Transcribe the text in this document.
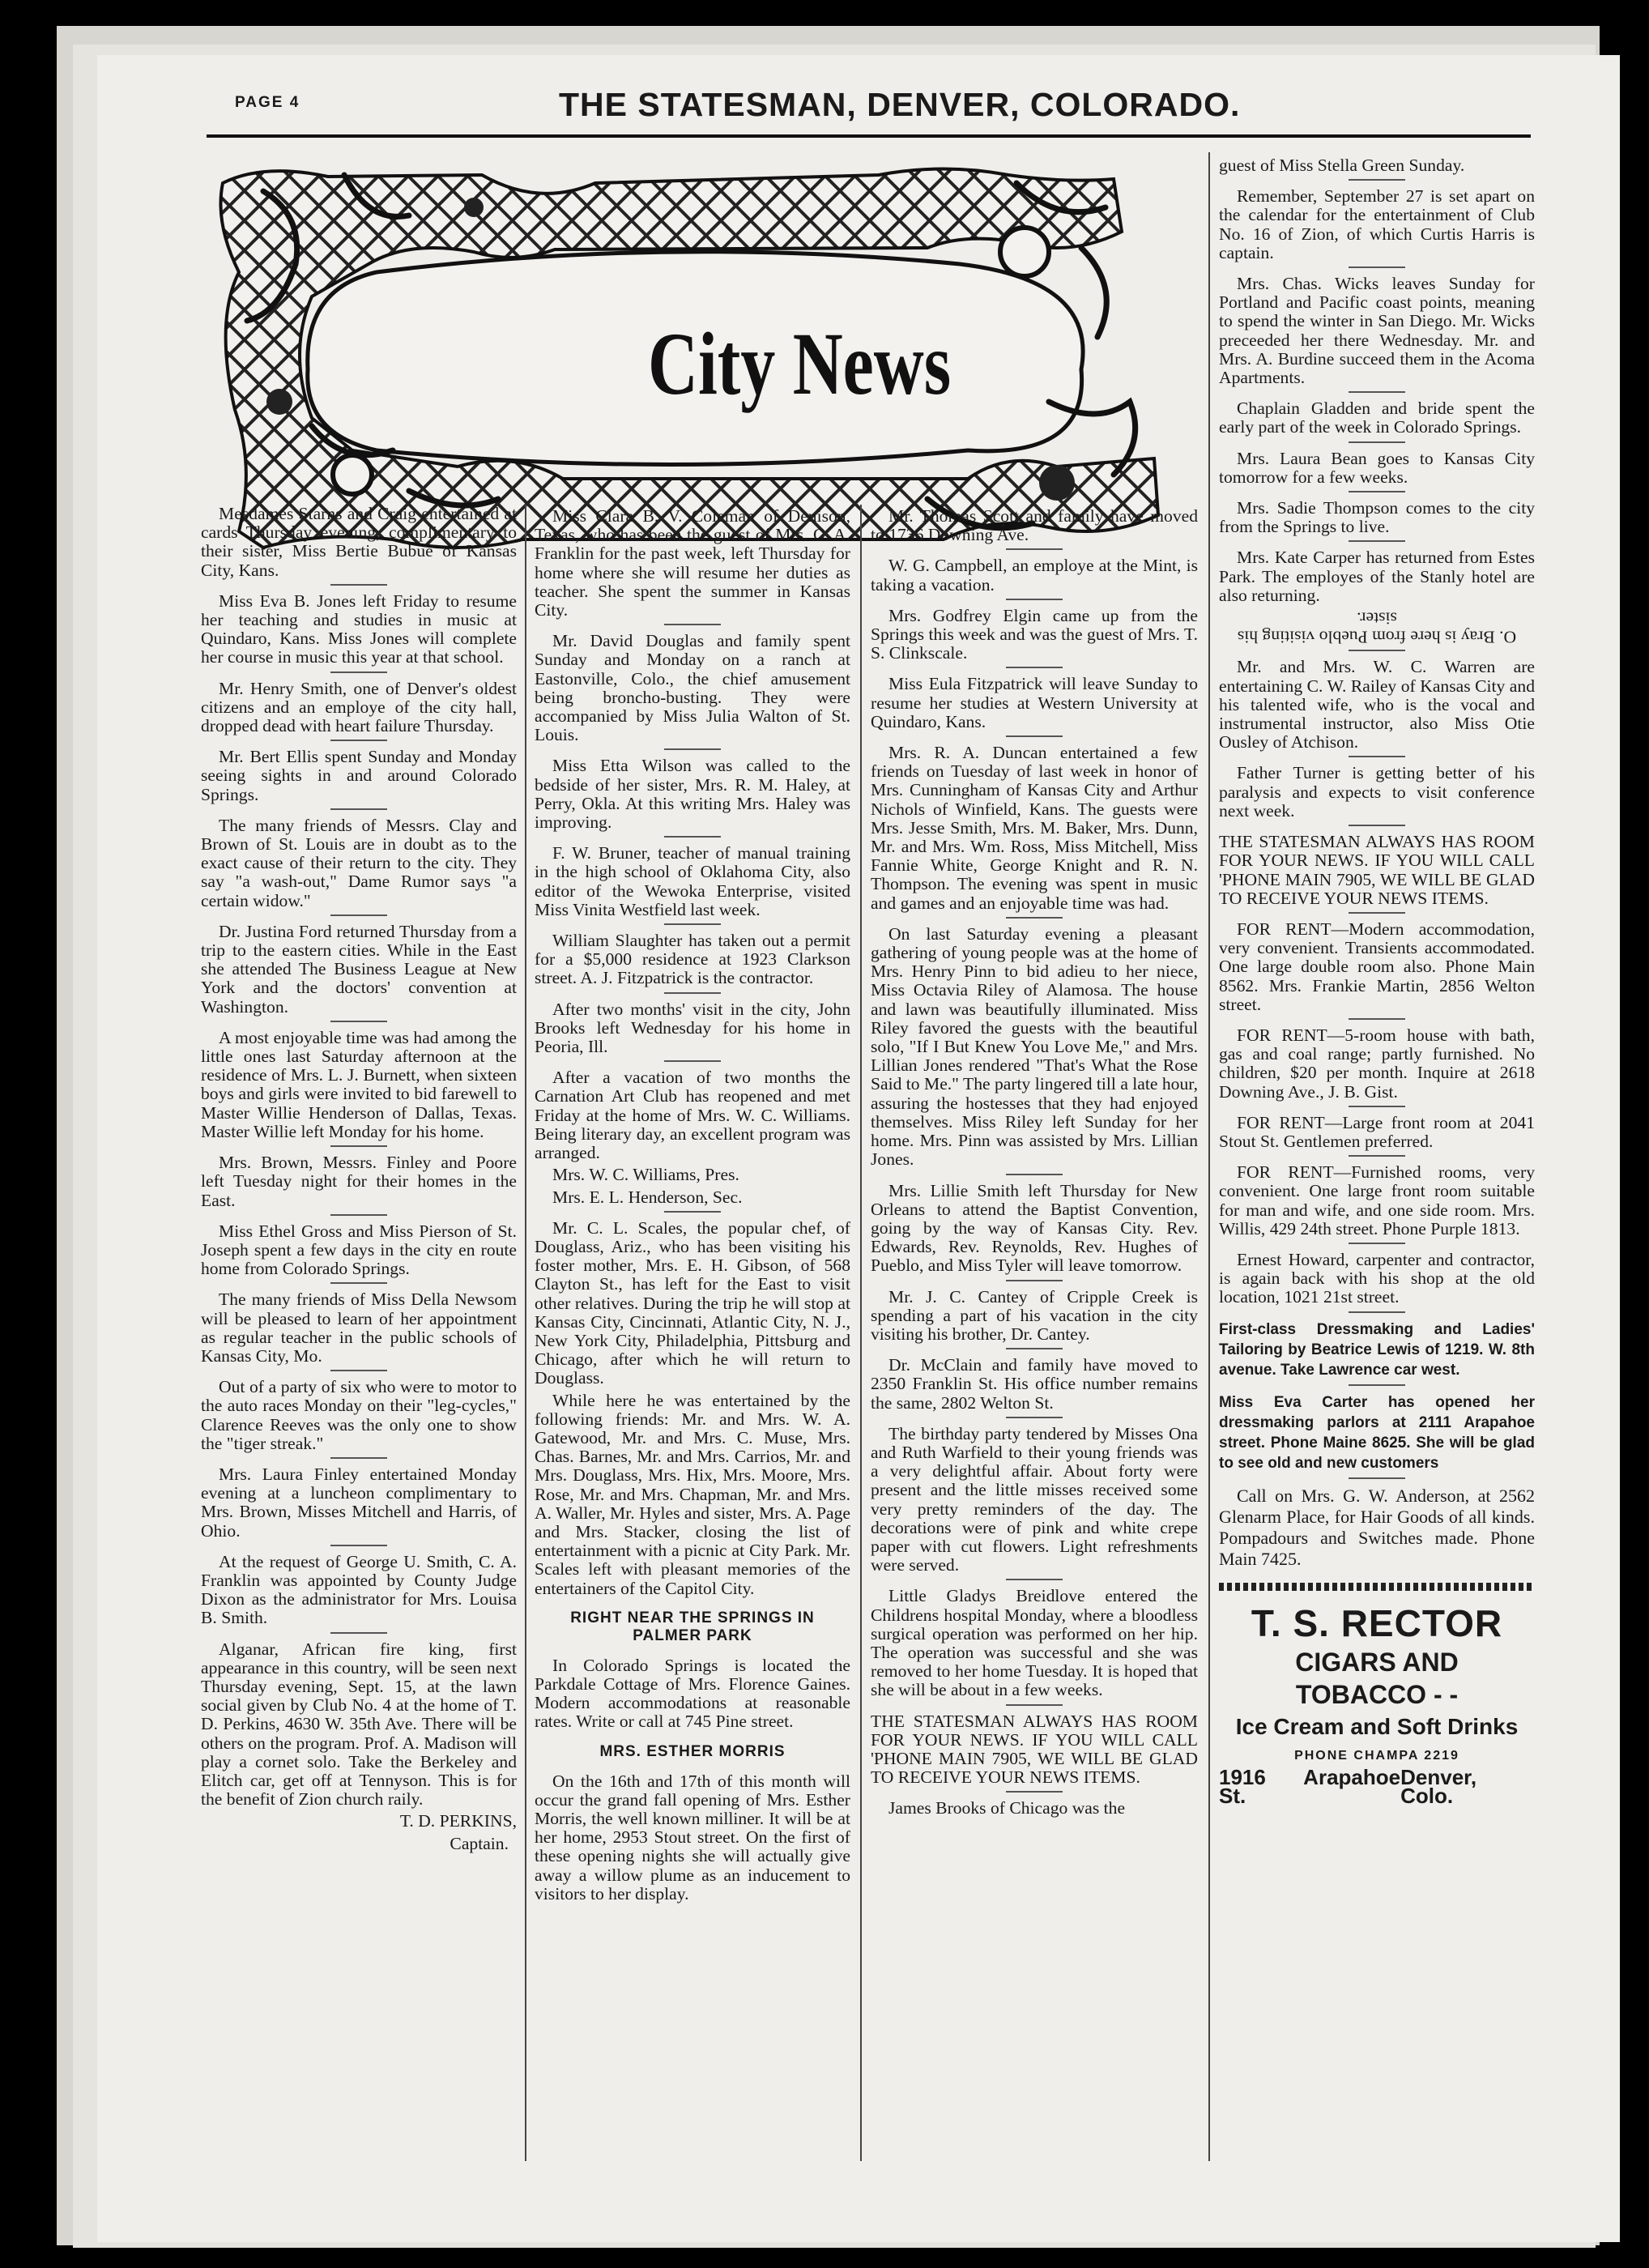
PAGE 4	THE STATESMAN, DENVER, COLORADO.
City News

Mesdames Starns and Craig entertained at cards Thursday evening, complimentary to their sister, Miss Bertie Bubue of Kansas City, Kans.

Miss Eva B. Jones left Friday to resume her teaching and studies in music at Quindaro, Kans. Miss Jones will complete her course in music this year at that school.

Mr. Henry Smith, one of Denver's oldest citizens and an employe of the city hall, dropped dead with heart failure Thursday.

Mr. Bert Ellis spent Sunday and Monday seeing sights in and around Colorado Springs.

The many friends of Messrs. Clay and Brown of St. Louis are in doubt as to the exact cause of their return to the city. They say "a wash-out," Dame Rumor says "a certain widow."

Dr. Justina Ford returned Thursday from a trip to the eastern cities. While in the East she attended The Business League at New York and the doctors' convention at Washington.

A most enjoyable time was had among the little ones last Saturday afternoon at the residence of Mrs. L. J. Burnett, when sixteen boys and girls were invited to bid farewell to Master Willie Henderson of Dallas, Texas. Master Willie left Monday for his home.

Mrs. Brown, Messrs. Finley and Poore left Tuesday night for their homes in the East.

Miss Ethel Gross and Miss Pierson of St. Joseph spent a few days in the city en route home from Colorado Springs.

The many friends of Miss Della Newsom will be pleased to learn of her appointment as regular teacher in the public schools of Kansas City, Mo.

Out of a party of six who were to motor to the auto races Monday on their "leg-cycles," Clarence Reeves was the only one to show the "tiger streak."

Mrs. Laura Finley entertained Monday evening at a luncheon complimentary to Mrs. Brown, Misses Mitchell and Harris, of Ohio.

At the request of George U. Smith, C. A. Franklin was appointed by County Judge Dixon as the administrator for Mrs. Louisa B. Smith.

Alganar, African fire king, first appearance in this country, will be seen next Thursday evening, Sept. 15, at the lawn social given by Club No. 4 at the home of T. D. Perkins, 4630 W. 35th Ave. There will be others on the program. Prof. A. Madison will play a cornet solo. Take the Berkeley and Elitch car, get off at Tennyson. This is for the benefit of Zion church raily.

T. D. PERKINS,

Captain.

Miss Clara B. V. Coleman of Denison, Texas, who has been the guest of Mrs. C. A. Franklin for the past week, left Thursday for home where she will resume her duties as teacher. She spent the summer in Kansas City.

Mr. David Douglas and family spent Sunday and Monday on a ranch at Eastonville, Colo., the chief amusement being broncho-busting. They were accompanied by Miss Julia Walton of St. Louis.

Miss Etta Wilson was called to the bedside of her sister, Mrs. R. M. Haley, at Perry, Okla. At this writing Mrs. Haley was improving.

F. W. Bruner, teacher of manual training in the high school of Oklahoma City, also editor of the Wewoka Enterprise, visited Miss Vinita Westfield last week.

William Slaughter has taken out a permit for a $5,000 residence at 1923 Clarkson street. A. J. Fitzpatrick is the contractor.

After two months' visit in the city, John Brooks left Wednesday for his home in Peoria, Ill.

After a vacation of two months the Carnation Art Club has reopened and met Friday at the home of Mrs. W. C. Williams. Being literary day, an excellent program was arranged.

Mrs. W. C. Williams, Pres.

Mrs. E. L. Henderson, Sec.

Mr. C. L. Scales, the popular chef, of Douglass, Ariz., who has been visiting his foster mother, Mrs. E. H. Gibson, of 568 Clayton St., has left for the East to visit other relatives. During the trip he will stop at Kansas City, Cincinnati, Atlantic City, N. J., New York City, Philadelphia, Pittsburg and Chicago, after which he will return to Douglass.

While here he was entertained by the following friends: Mr. and Mrs. W. A. Gatewood, Mr. and Mrs. C. Muse, Mrs. Chas. Barnes, Mr. and Mrs. Carrios, Mr. and Mrs. Douglass, Mrs. Hix, Mrs. Moore, Mrs. Rose, Mr. and Mrs. Chapman, Mr. and Mrs. A. Waller, Mr. Hyles and sister, Mrs. A. Page and Mrs. Stacker, closing the list of entertainment with a picnic at City Park. Mr. Scales left with pleasant memories of the entertainers of the Capitol City.

RIGHT NEAR THE SPRINGS IN PALMER PARK

In Colorado Springs is located the Parkdale Cottage of Mrs. Florence Gaines. Modern accommodations at reasonable rates. Write or call at 745 Pine street.

MRS. ESTHER MORRIS

On the 16th and 17th of this month will occur the grand fall opening of Mrs. Esther Morris, the well known milliner. It will be at her home, 2953 Stout street. On the first of these opening nights she will actually give away a willow plume as an inducement to visitors to her display.

Mr. Thomas Scott and family have moved to 1736 Downing Ave.

W. G. Campbell, an employe at the Mint, is taking a vacation.

Mrs. Godfrey Elgin came up from the Springs this week and was the guest of Mrs. T. S. Clinkscale.

Miss Eula Fitzpatrick will leave Sunday to resume her studies at Western University at Quindaro, Kans.

Mrs. R. A. Duncan entertained a few friends on Tuesday of last week in honor of Mrs. Cunningham of Kansas City and Arthur Nichols of Winfield, Kans. The guests were Mrs. Jesse Smith, Mrs. M. Baker, Mrs. Dunn, Mr. and Mrs. Wm. Ross, Miss Mitchell, Miss Fannie White, George Knight and R. N. Thompson. The evening was spent in music and games and an enjoyable time was had.

On last Saturday evening a pleasant gathering of young people was at the home of Mrs. Henry Pinn to bid adieu to her niece, Miss Octavia Riley of Alamosa. The house and lawn was beautifully illuminated. Miss Riley favored the guests with the beautiful solo, "If I But Knew You Love Me," and Mrs. Lillian Jones rendered "That's What the Rose Said to Me." The party lingered till a late hour, assuring the hostesses that they had enjoyed themselves. Miss Riley left Sunday for her home. Mrs. Pinn was assisted by Mrs. Lillian Jones.

Mrs. Lillie Smith left Thursday for New Orleans to attend the Baptist Convention, going by the way of Kansas City. Rev. Edwards, Rev. Reynolds, Rev. Hughes of Pueblo, and Miss Tyler will leave tomorrow.

Mr. J. C. Cantey of Cripple Creek is spending a part of his vacation in the city visiting his brother, Dr. Cantey.

Dr. McClain and family have moved to 2350 Franklin St. His office number remains the same, 2802 Welton St.

The birthday party tendered by Misses Ona and Ruth Warfield to their young friends was a very delightful affair. About forty were present and the little misses received some very pretty reminders of the day. The decorations were of pink and white crepe paper with cut flowers. Light refreshments were served.

Little Gladys Breidlove entered the Childrens hospital Monday, where a bloodless surgical operation was performed on her hip. The operation was successful and she was removed to her home Tuesday. It is hoped that she will be about in a few weeks.

THE STATESMAN ALWAYS HAS ROOM FOR YOUR NEWS. IF YOU WILL CALL 'PHONE MAIN 7905, WE WILL BE GLAD TO RECEIVE YOUR NEWS ITEMS.

James Brooks of Chicago was the

guest of Miss Stella Green Sunday.

Remember, September 27 is set apart on the calendar for the entertainment of Club No. 16 of Zion, of which Curtis Harris is captain.

Mrs. Chas. Wicks leaves Sunday for Portland and Pacific coast points, meaning to spend the winter in San Diego. Mr. Wicks preceeded her there Wednesday. Mr. and Mrs. A. Burdine succeed them in the Acoma Apartments.

Chaplain Gladden and bride spent the early part of the week in Colorado Springs.

Mrs. Laura Bean goes to Kansas City tomorrow for a few weeks.

Mrs. Sadie Thompson comes to the city from the Springs to live.

Mrs. Kate Carper has returned from Estes Park. The employes of the Stanly hotel are also returning.

O. Bray is here from Pueblo visiting his sister.

Mr. and Mrs. W. C. Warren are entertaining C. W. Railey of Kansas City and his talented wife, who is the vocal and instrumental instructor, also Miss Otie Ousley of Atchison.

Father Turner is getting better of his paralysis and expects to visit conference next week.

THE STATESMAN ALWAYS HAS ROOM FOR YOUR NEWS. IF YOU WILL CALL 'PHONE MAIN 7905, WE WILL BE GLAD TO RECEIVE YOUR NEWS ITEMS.

FOR RENT—Modern accommodation, very convenient. Transients accommodated. One large double room also. Phone Main 8562. Mrs. Frankie Martin, 2856 Welton street.

FOR RENT—5-room house with bath, gas and coal range; partly furnished. No children, $20 per month. Inquire at 2618 Downing Ave., J. B. Gist.

FOR RENT—Large front room at 2041 Stout St. Gentlemen preferred.

FOR RENT—Furnished rooms, very convenient. One large front room suitable for man and wife, and one side room. Mrs. Willis, 429 24th street. Phone Purple 1813.

Ernest Howard, carpenter and contractor, is again back with his shop at the old location, 1021 21st street.

First-class Dressmaking and Ladies' Tailoring by Beatrice Lewis of 1219. W. 8th avenue. Take Lawrence car west.

Miss Eva Carter has opened her dressmaking parlors at 2111 Arapahoe street. Phone Maine 8625. She will be glad to see old and new customers

Call on Mrs. G. W. Anderson, at 2562 Glenarm Place, for Hair Goods of all kinds. Pompadours and Switches made. Phone Main 7425.

T. S. RECTOR
CIGARS AND
TOBACCO - -
Ice Cream and Soft Drinks
PHONE CHAMPA 2219
1916 Arapahoe St.
Denver, Colo.
